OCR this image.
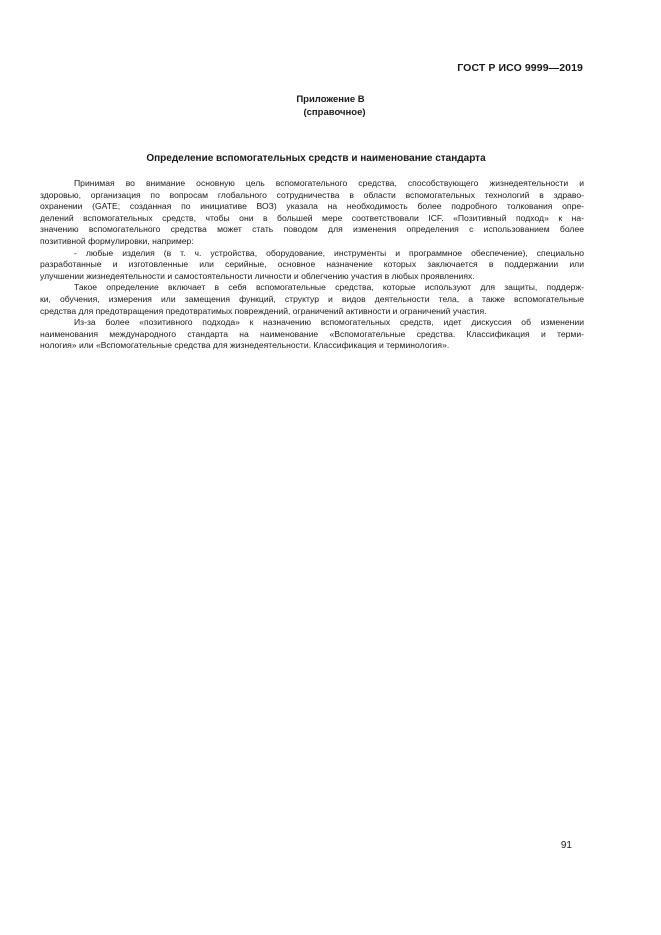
ГОСТ Р ИСО 9999—2019
Приложение В
(справочное)
Определение вспомогательных средств и наименование стандарта
Принимая во внимание основную цель вспомогательного средства, способствующего жизнедеятельности и
здоровью, организация по вопросам глобального сотрудничества в области вспомогательных технологий в здраво-
охранении (GATE; созданная по инициативе ВОЗ) указала на необходимость более подробного толкования опре-
делений вспомогательных средств, чтобы они в большей мере соответствовали ICF. «Позитивный подход» к на-
значению вспомогательного средства может стать поводом для изменения определения с использованием более
позитивной формулировки, например:
- любые изделия (в т. ч. устройства, оборудование, инструменты и программное обеспечение), специально
разработанные и изготовленные или серийные, основное назначение которых заключается в поддержании или
улучшении жизнедеятельности и самостоятельности личности и облегчению участия в любых проявлениях.
Такое определение включает в себя вспомогательные средства, которые используют для защиты, поддерж-
ки, обучения, измерения или замещения функций, структур и видов деятельности тела, а также вспомогательные
средства для предотвращения предотвратимых повреждений, ограничений активности и ограничений участия.
Из-за более «позитивного подхода» к назначению вспомогательных средств, идет дискуссия об изменении
наименования международного стандарта на наименование «Вспомогательные средства. Классификация и терми-
нология» или «Вспомогательные средства для жизнедеятельности. Классификация и терминология».
91
